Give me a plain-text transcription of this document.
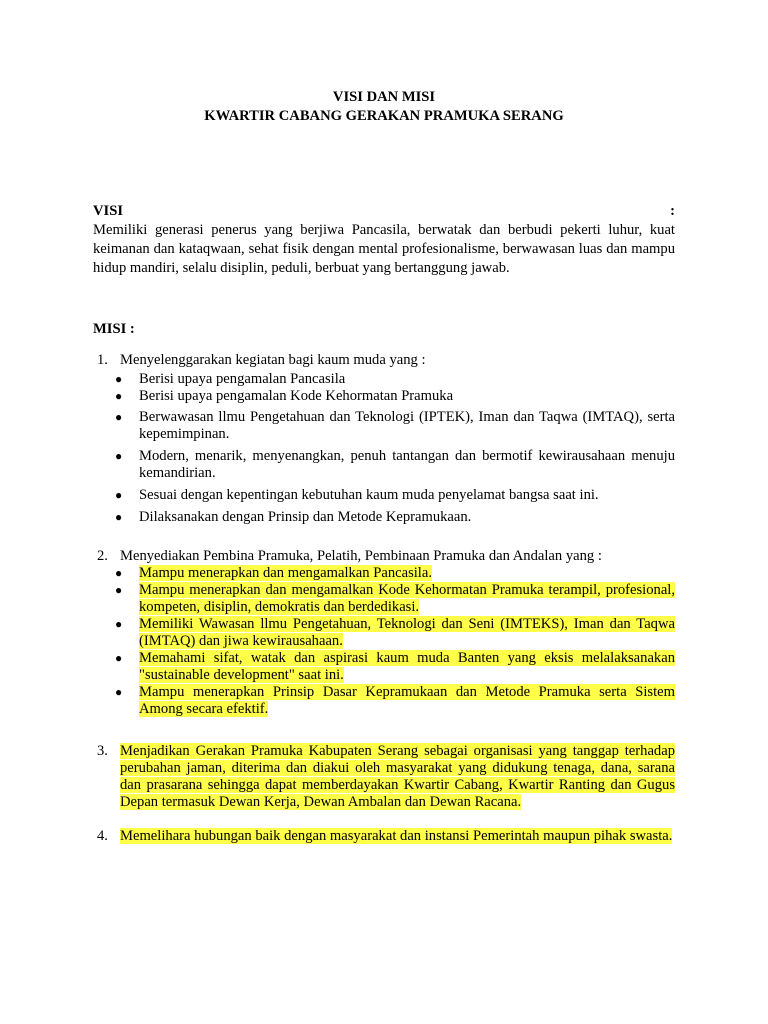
VISI DAN MISI
KWARTIR CABANG GERAKAN PRAMUKA SERANG
VISI	:
Memiliki generasi penerus yang berjiwa Pancasila, berwatak dan berbudi pekerti luhur, kuat keimanan dan kataqwaan, sehat fisik dengan mental profesionalisme, berwawasan luas dan mampu hidup mandiri, selalu disiplin, peduli, berbuat yang bertanggung jawab.
MISI :
1. Menyelenggarakan kegiatan bagi kaum muda yang :
● Berisi upaya pengamalan Pancasila
● Berisi upaya pengamalan Kode Kehormatan Pramuka
● Berwawasan llmu Pengetahuan dan Teknologi (IPTEK), Iman dan Taqwa (IMTAQ), serta kepemimpinan.
● Modern, menarik, menyenangkan, penuh tantangan dan bermotif kewirausahaan menuju kemandirian.
● Sesuai dengan kepentingan kebutuhan kaum muda penyelamat bangsa saat ini.
● Dilaksanakan dengan Prinsip dan Metode Kepramukaan.
2. Menyediakan Pembina Pramuka, Pelatih, Pembinaan Pramuka dan Andalan yang :
● Mampu menerapkan dan mengamalkan Pancasila.
● Mampu menerapkan dan mengamalkan Kode Kehormatan Pramuka terampil, profesional, kompeten, disiplin, demokratis dan berdedikasi.
● Memiliki Wawasan llmu Pengetahuan, Teknologi dan Seni (IMTEKS), Iman dan Taqwa (IMTAQ) dan jiwa kewirausahaan.
● Memahami sifat, watak dan aspirasi kaum muda Banten yang eksis melalaksanakan "sustainable development" saat ini.
● Mampu menerapkan Prinsip Dasar Kepramukaan dan Metode Pramuka serta Sistem Among secara efektif.
3. Menjadikan Gerakan Pramuka Kabupaten Serang sebagai organisasi yang tanggap terhadap perubahan jaman, diterima dan diakui oleh masyarakat yang didukung tenaga, dana, sarana dan prasarana sehingga dapat memberdayakan Kwartir Cabang, Kwartir Ranting dan Gugus Depan termasuk Dewan Kerja, Dewan Ambalan dan Dewan Racana.
4. Memelihara hubungan baik dengan masyarakat dan instansi Pemerintah maupun pihak swasta.
